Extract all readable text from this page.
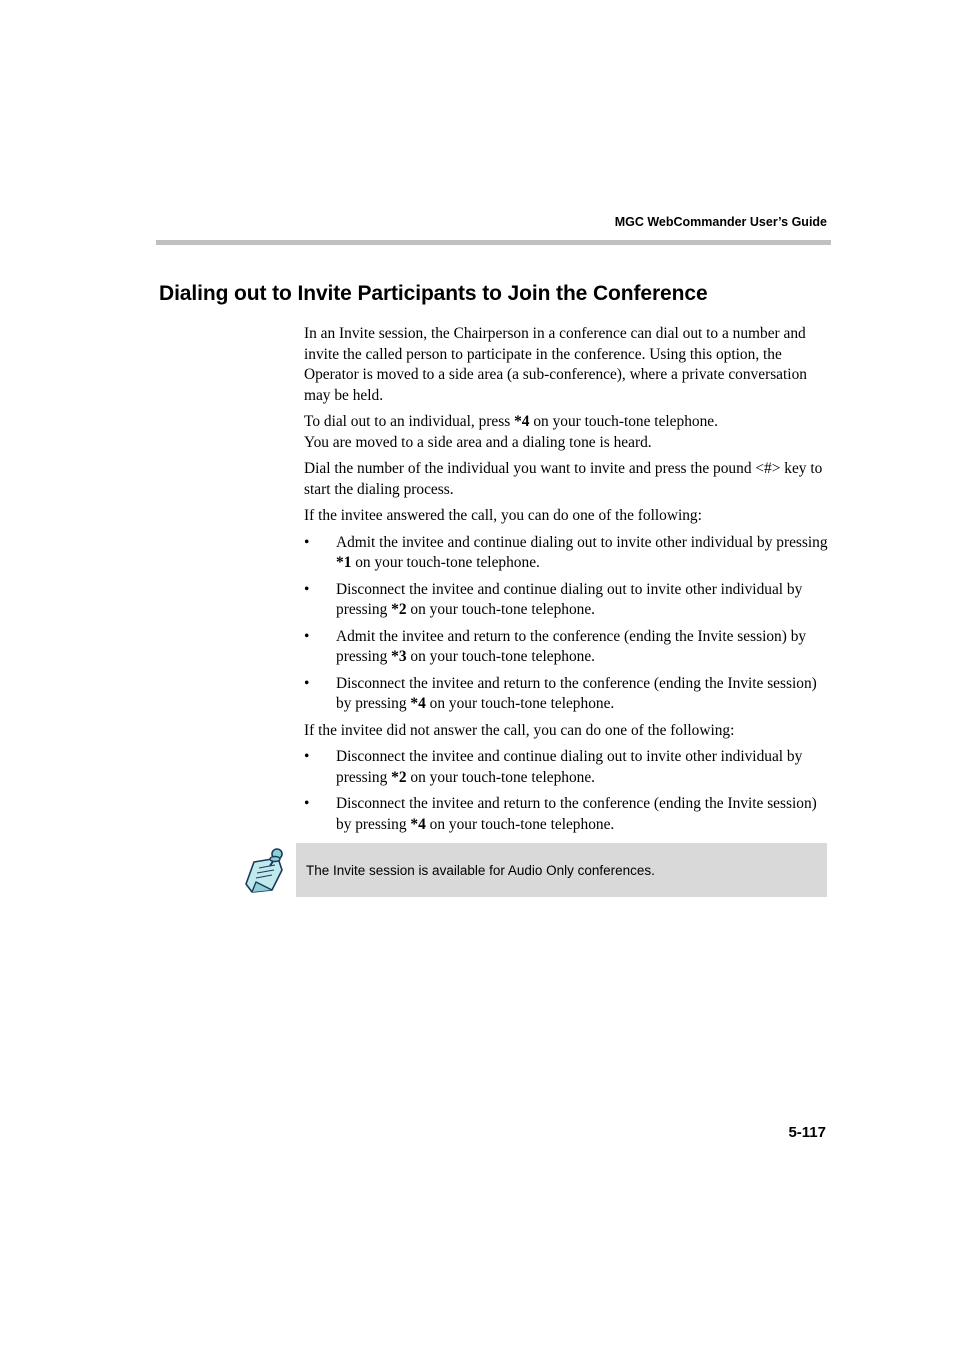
MGC WebCommander User’s Guide
Dialing out to Invite Participants to Join the Conference

In an Invite session, the Chairperson in a conference can dial out to a number and invite the called person to participate in the conference. Using this option, the Operator is moved to a side area (a sub-conference), where a private conversation may be held.

To dial out to an individual, press *4 on your touch-tone telephone.
You are moved to a side area and a dialing tone is heard.

Dial the number of the individual you want to invite and press the pound <#> key to start the dialing process.

If the invitee answered the call, you can do one of the following:

• Admit the invitee and continue dialing out to invite other individual by pressing *1 on your touch-tone telephone.
• Disconnect the invitee and continue dialing out to invite other individual by pressing *2 on your touch-tone telephone.
• Admit the invitee and return to the conference (ending the Invite session) by pressing *3 on your touch-tone telephone.
• Disconnect the invitee and return to the conference (ending the Invite session) by pressing *4 on your touch-tone telephone.

If the invitee did not answer the call, you can do one of the following:

• Disconnect the invitee and continue dialing out to invite other individual by pressing *2 on your touch-tone telephone.
• Disconnect the invitee and return to the conference (ending the Invite session) by pressing *4 on your touch-tone telephone.
The Invite session is available for Audio Only conferences.
5-117
